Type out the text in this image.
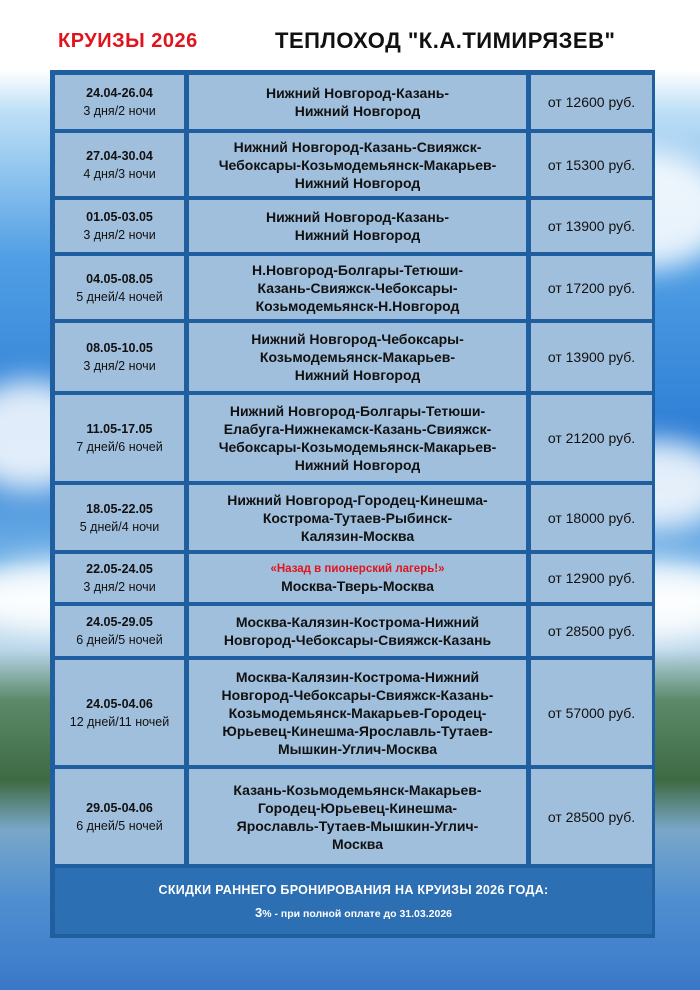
КРУИЗЫ 2026	ТЕПЛОХОД "К.А.ТИМИРЯЗЕВ"
24.04-26.04
3 дня/2 ночи
Нижний Новгород-Казань-
Нижний Новгород
от 12600 руб.
27.04-30.04
4 дня/3 ночи
Нижний Новгород-Казань-Свияжск-
Чебоксары-Козьмодемьянск-Макарьев-
Нижний Новгород
от 15300 руб.
01.05-03.05
3 дня/2 ночи
Нижний Новгород-Казань-
Нижний Новгород
от 13900 руб.
04.05-08.05
5 дней/4 ночей
Н.Новгород-Болгары-Тетюши-
Казань-Свияжск-Чебоксары-
Козьмодемьянск-Н.Новгород
от 17200 руб.
08.05-10.05
3 дня/2 ночи
Нижний Новгород-Чебоксары-
Козьмодемьянск-Макарьев-
Нижний Новгород
от 13900 руб.
11.05-17.05
7 дней/6 ночей
Нижний Новгород-Болгары-Тетюши-
Елабуга-Нижнекамск-Казань-Свияжск-
Чебоксары-Козьмодемьянск-Макарьев-
Нижний Новгород
от 21200 руб.
18.05-22.05
5 дней/4 ночи
Нижний Новгород-Городец-Кинешма-
Кострома-Тутаев-Рыбинск-
Калязин-Москва
от 18000 руб.
22.05-24.05
3 дня/2 ночи
«Назад в пионерский лагерь!»
Москва-Тверь-Москва	от 12900 руб.
24.05-29.05
6 дней/5 ночей
Москва-Калязин-Кострома-Нижний
Новгород-Чебоксары-Свияжск-Казань
от 28500 руб.
24.05-04.06
12 дней/11 ночей
Москва-Калязин-Кострома-Нижний
Новгород-Чебоксары-Свияжск-Казань-
Козьмодемьянск-Макарьев-Городец-
Юрьевец-Кинешма-Ярославль-Тутаев-
Мышкин-Углич-Москва
от 57000 руб.
29.05-04.06
6 дней/5 ночей
Казань-Козьмодемьянск-Макарьев-
Городец-Юрьевец-Кинешма-
Ярославль-Тутаев-Мышкин-Углич-
Москва
от 28500 руб.
СКИДКИ РАННЕГО БРОНИРОВАНИЯ НА КРУИЗЫ 2026 ГОДА:
3% - при полной оплате до 31.03.2026
